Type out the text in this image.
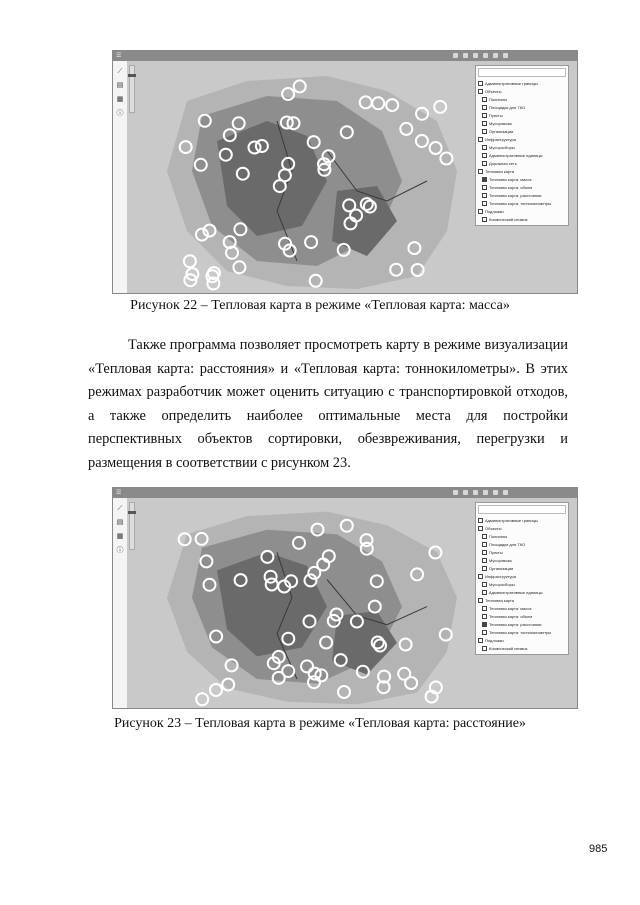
☰
⟋
▤
▦
ⓘ
Административные границы
Объекты
Полигоны
Площадки для ТКО
Пункты
Мусоровозы
Организации
Инфраструктура
Мусоросборы
Административные единицы
Дорожная сеть
Тепловая карта
Тепловая карта: масса
Тепловая карта: объем
Тепловая карта: расстояния
Тепловая карта: тоннокилометры
Подложки
Космический снимок
Рисунок 22 – Тепловая карта в режиме «Тепловая карта: масса»

Также программа позволяет просмотреть карту в режиме визуализации «Тепловая карта: расстояния» и «Тепловая карта: тоннокилометры». В этих режимах разработчик может оценить ситуацию с транспортировкой отходов, а также определить наиболее оптимальные места для постройки перспективных объектов сортировки, обезвреживания, перегрузки и размещения в соответствии с рисунком 23.

☰
⟋
▤
▦
ⓘ
Административные границы
Объекты
Полигоны
Площадки для ТКО
Пункты
Мусоровозы
Организации
Инфраструктура
Мусоросборы
Административные единицы
Тепловая карта
Тепловая карта: масса
Тепловая карта: объем
Тепловая карта: расстояния
Тепловая карта: тоннокилометры
Подложки
Космический снимок
Рисунок 23 – Тепловая карта в режиме «Тепловая карта: расстояние»
985
